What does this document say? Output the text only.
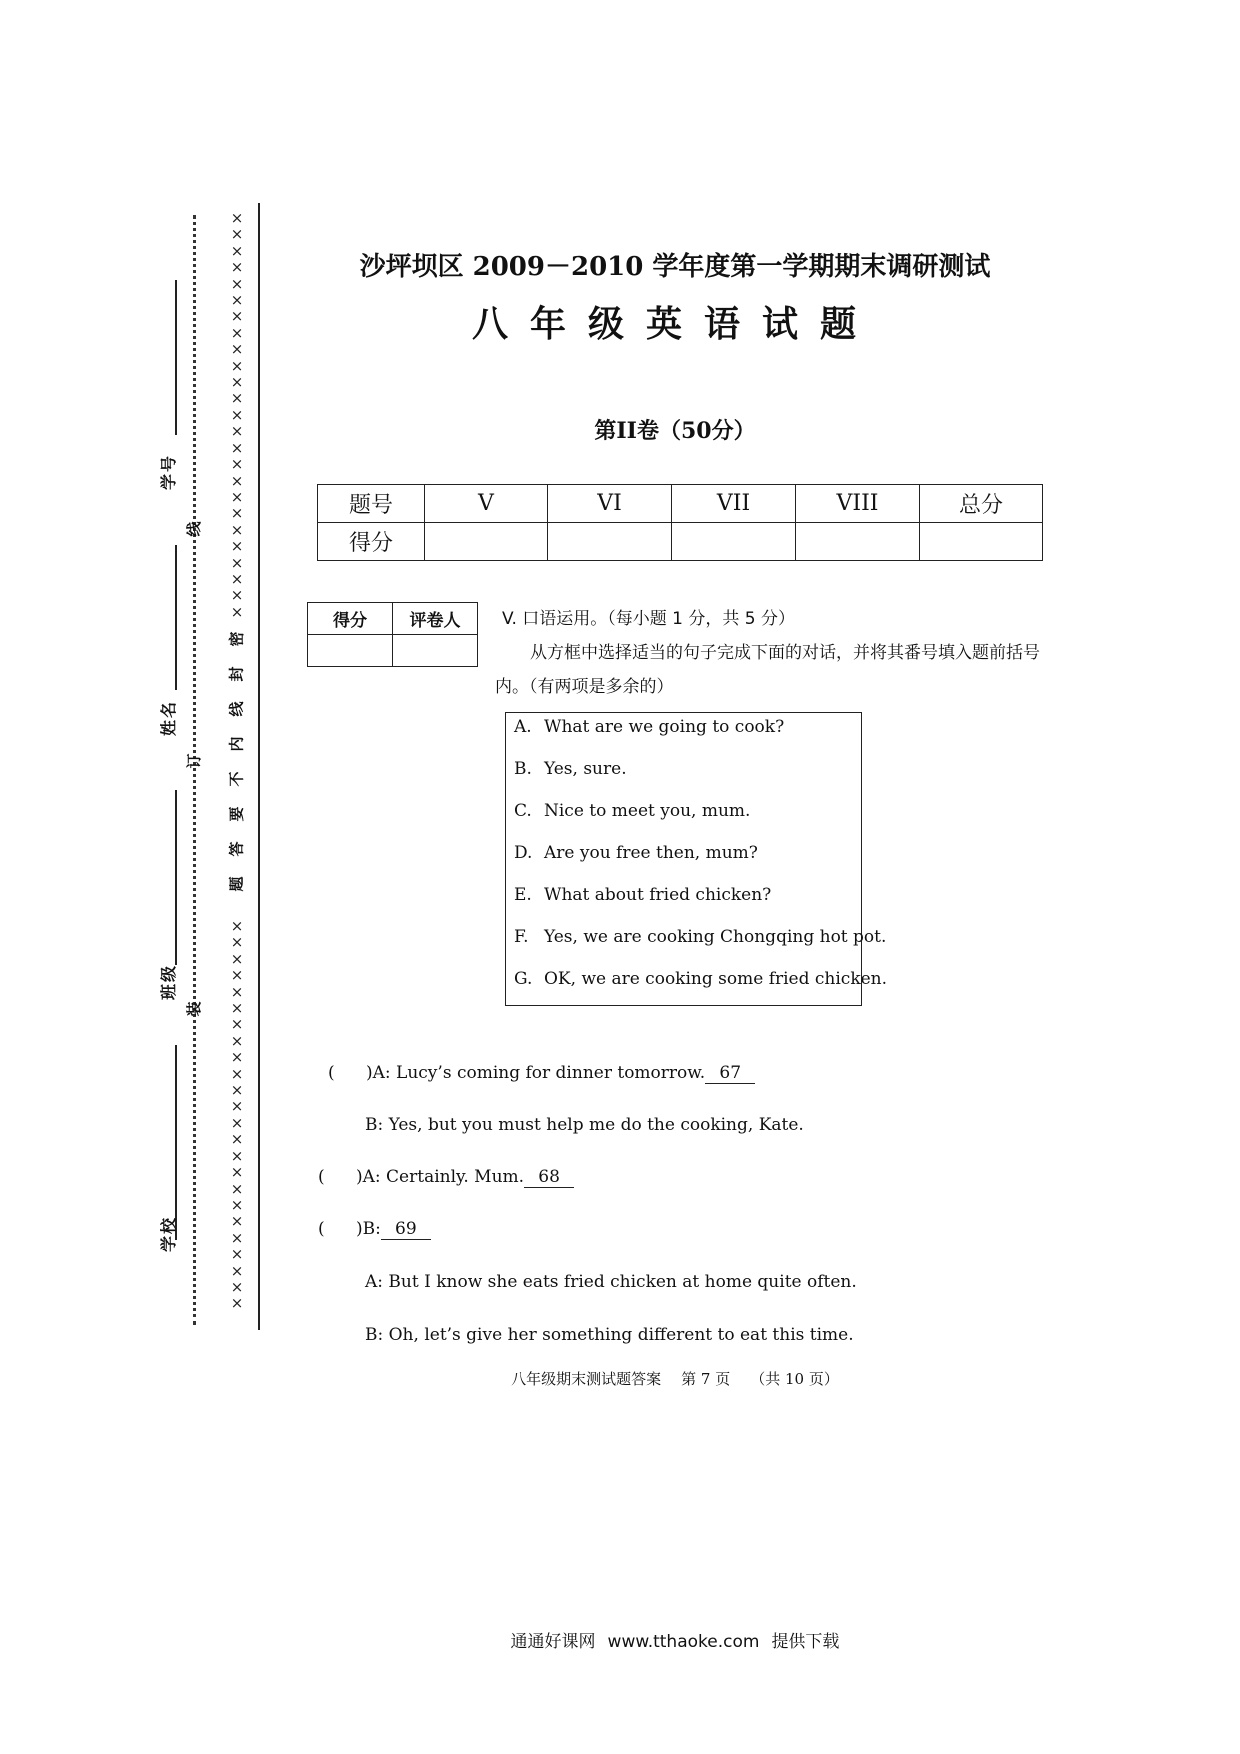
学号
姓名
班级
学校
线
订
装
×
×
×
×
×
×
×
×
×
×
×
×
×
×
×
×
×
×
×
×
×
×
×
×
×
密
封
线
内
不
要
答
题
×
×
×
×
×
×
×
×
×
×
×
×
×
×
×
×
×
×
×
×
×
×
×
×
沙坪坝区 2009－2010 学年度第一学期期末调研测试
八年级英语试题
第II卷（50分）
题号	V	VI	VII	VIII	总分
得分					
得分	评卷人
	V. 口语运用。（每小题 1 分，共 5 分）
从方框中选择适当的句子完成下面的对话，并将其番号填入题前括号内。（有两项是多余的）
A. What are we going to cook?
B. Yes, sure.
C. Nice to meet you, mum.
D. Are you free then, mum?
E. What about fried chicken?
F. Yes, we are cooking Chongqing hot pot.
G. OK, we are cooking some fried chicken.
( )A: Lucy’s coming for dinner tomorrow. 67
B: Yes, but you must help me do the cooking, Kate.
( )A: Certainly. Mum. 68
( )B: 69
A: But I know she eats fried chicken at home quite often.
B: Oh, let’s give her something different to eat this time.
八年级期末测试题答案 第 7 页 （共 10 页）
通通好课网 www.tthaoke.com 提供下载
